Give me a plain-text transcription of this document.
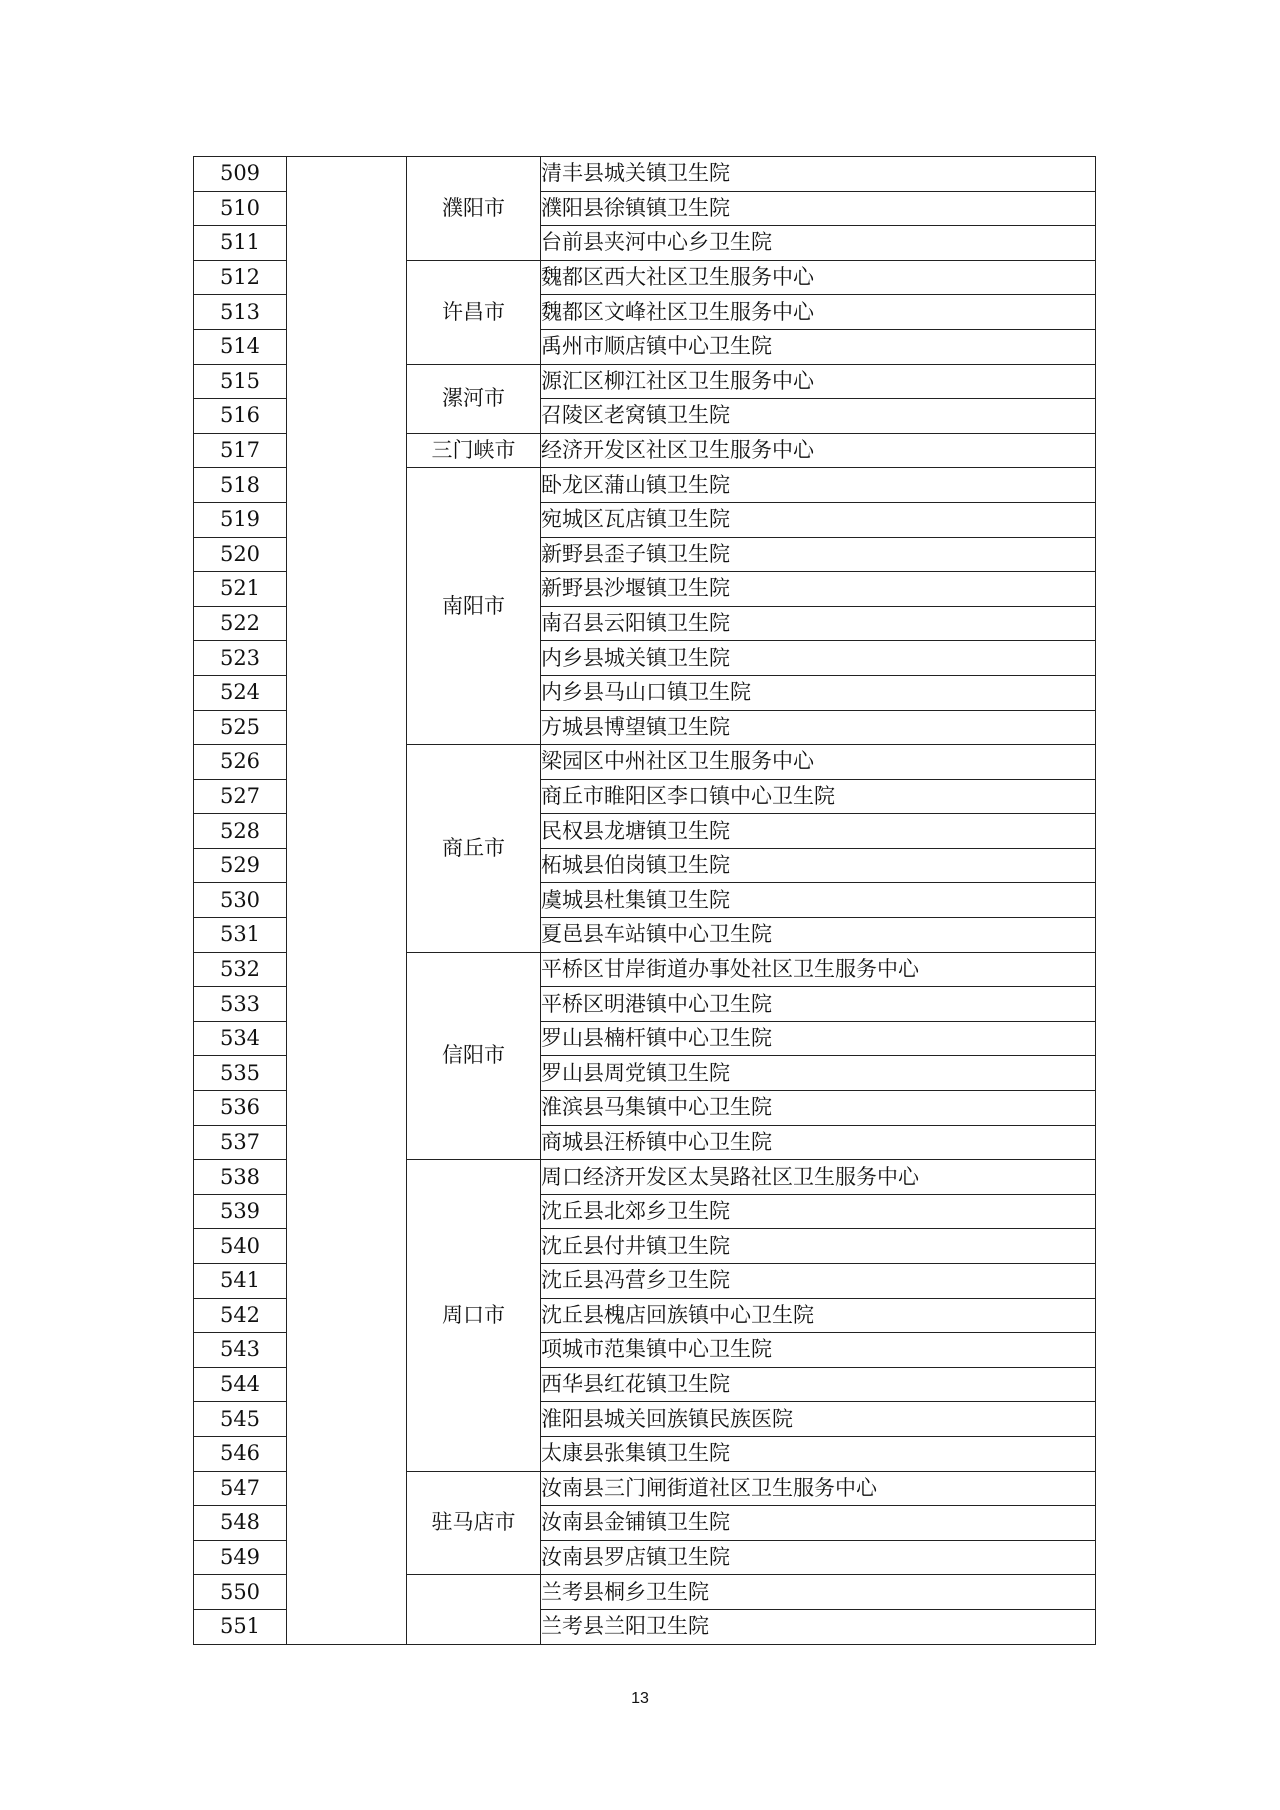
509		濮阳市	清丰县城关镇卫生院
510			濮阳县徐镇镇卫生院
511			台前县夹河中心乡卫生院
512		许昌市	魏都区西大社区卫生服务中心
513			魏都区文峰社区卫生服务中心
514			禹州市顺店镇中心卫生院
515		漯河市	源汇区柳江社区卫生服务中心
516			召陵区老窝镇卫生院
517		三门峡市	经济开发区社区卫生服务中心
518		南阳市	卧龙区蒲山镇卫生院
519			宛城区瓦店镇卫生院
520			新野县歪子镇卫生院
521			新野县沙堰镇卫生院
522			南召县云阳镇卫生院
523			内乡县城关镇卫生院
524			内乡县马山口镇卫生院
525			方城县博望镇卫生院
526		商丘市	梁园区中州社区卫生服务中心
527			商丘市睢阳区李口镇中心卫生院
528			民权县龙塘镇卫生院
529			柘城县伯岗镇卫生院
530			虞城县杜集镇卫生院
531			夏邑县车站镇中心卫生院
532		信阳市	平桥区甘岸街道办事处社区卫生服务中心
533			平桥区明港镇中心卫生院
534			罗山县楠杆镇中心卫生院
535			罗山县周党镇卫生院
536			淮滨县马集镇中心卫生院
537			商城县汪桥镇中心卫生院
538		周口市	周口经济开发区太昊路社区卫生服务中心
539			沈丘县北郊乡卫生院
540			沈丘县付井镇卫生院
541			沈丘县冯营乡卫生院
542			沈丘县槐店回族镇中心卫生院
543			项城市范集镇中心卫生院
544			西华县红花镇卫生院
545			淮阳县城关回族镇民族医院
546			太康县张集镇卫生院
547		驻马店市	汝南县三门闸街道社区卫生服务中心
548			汝南县金铺镇卫生院
549			汝南县罗店镇卫生院
550			兰考县桐乡卫生院
551			兰考县兰阳卫生院
13
